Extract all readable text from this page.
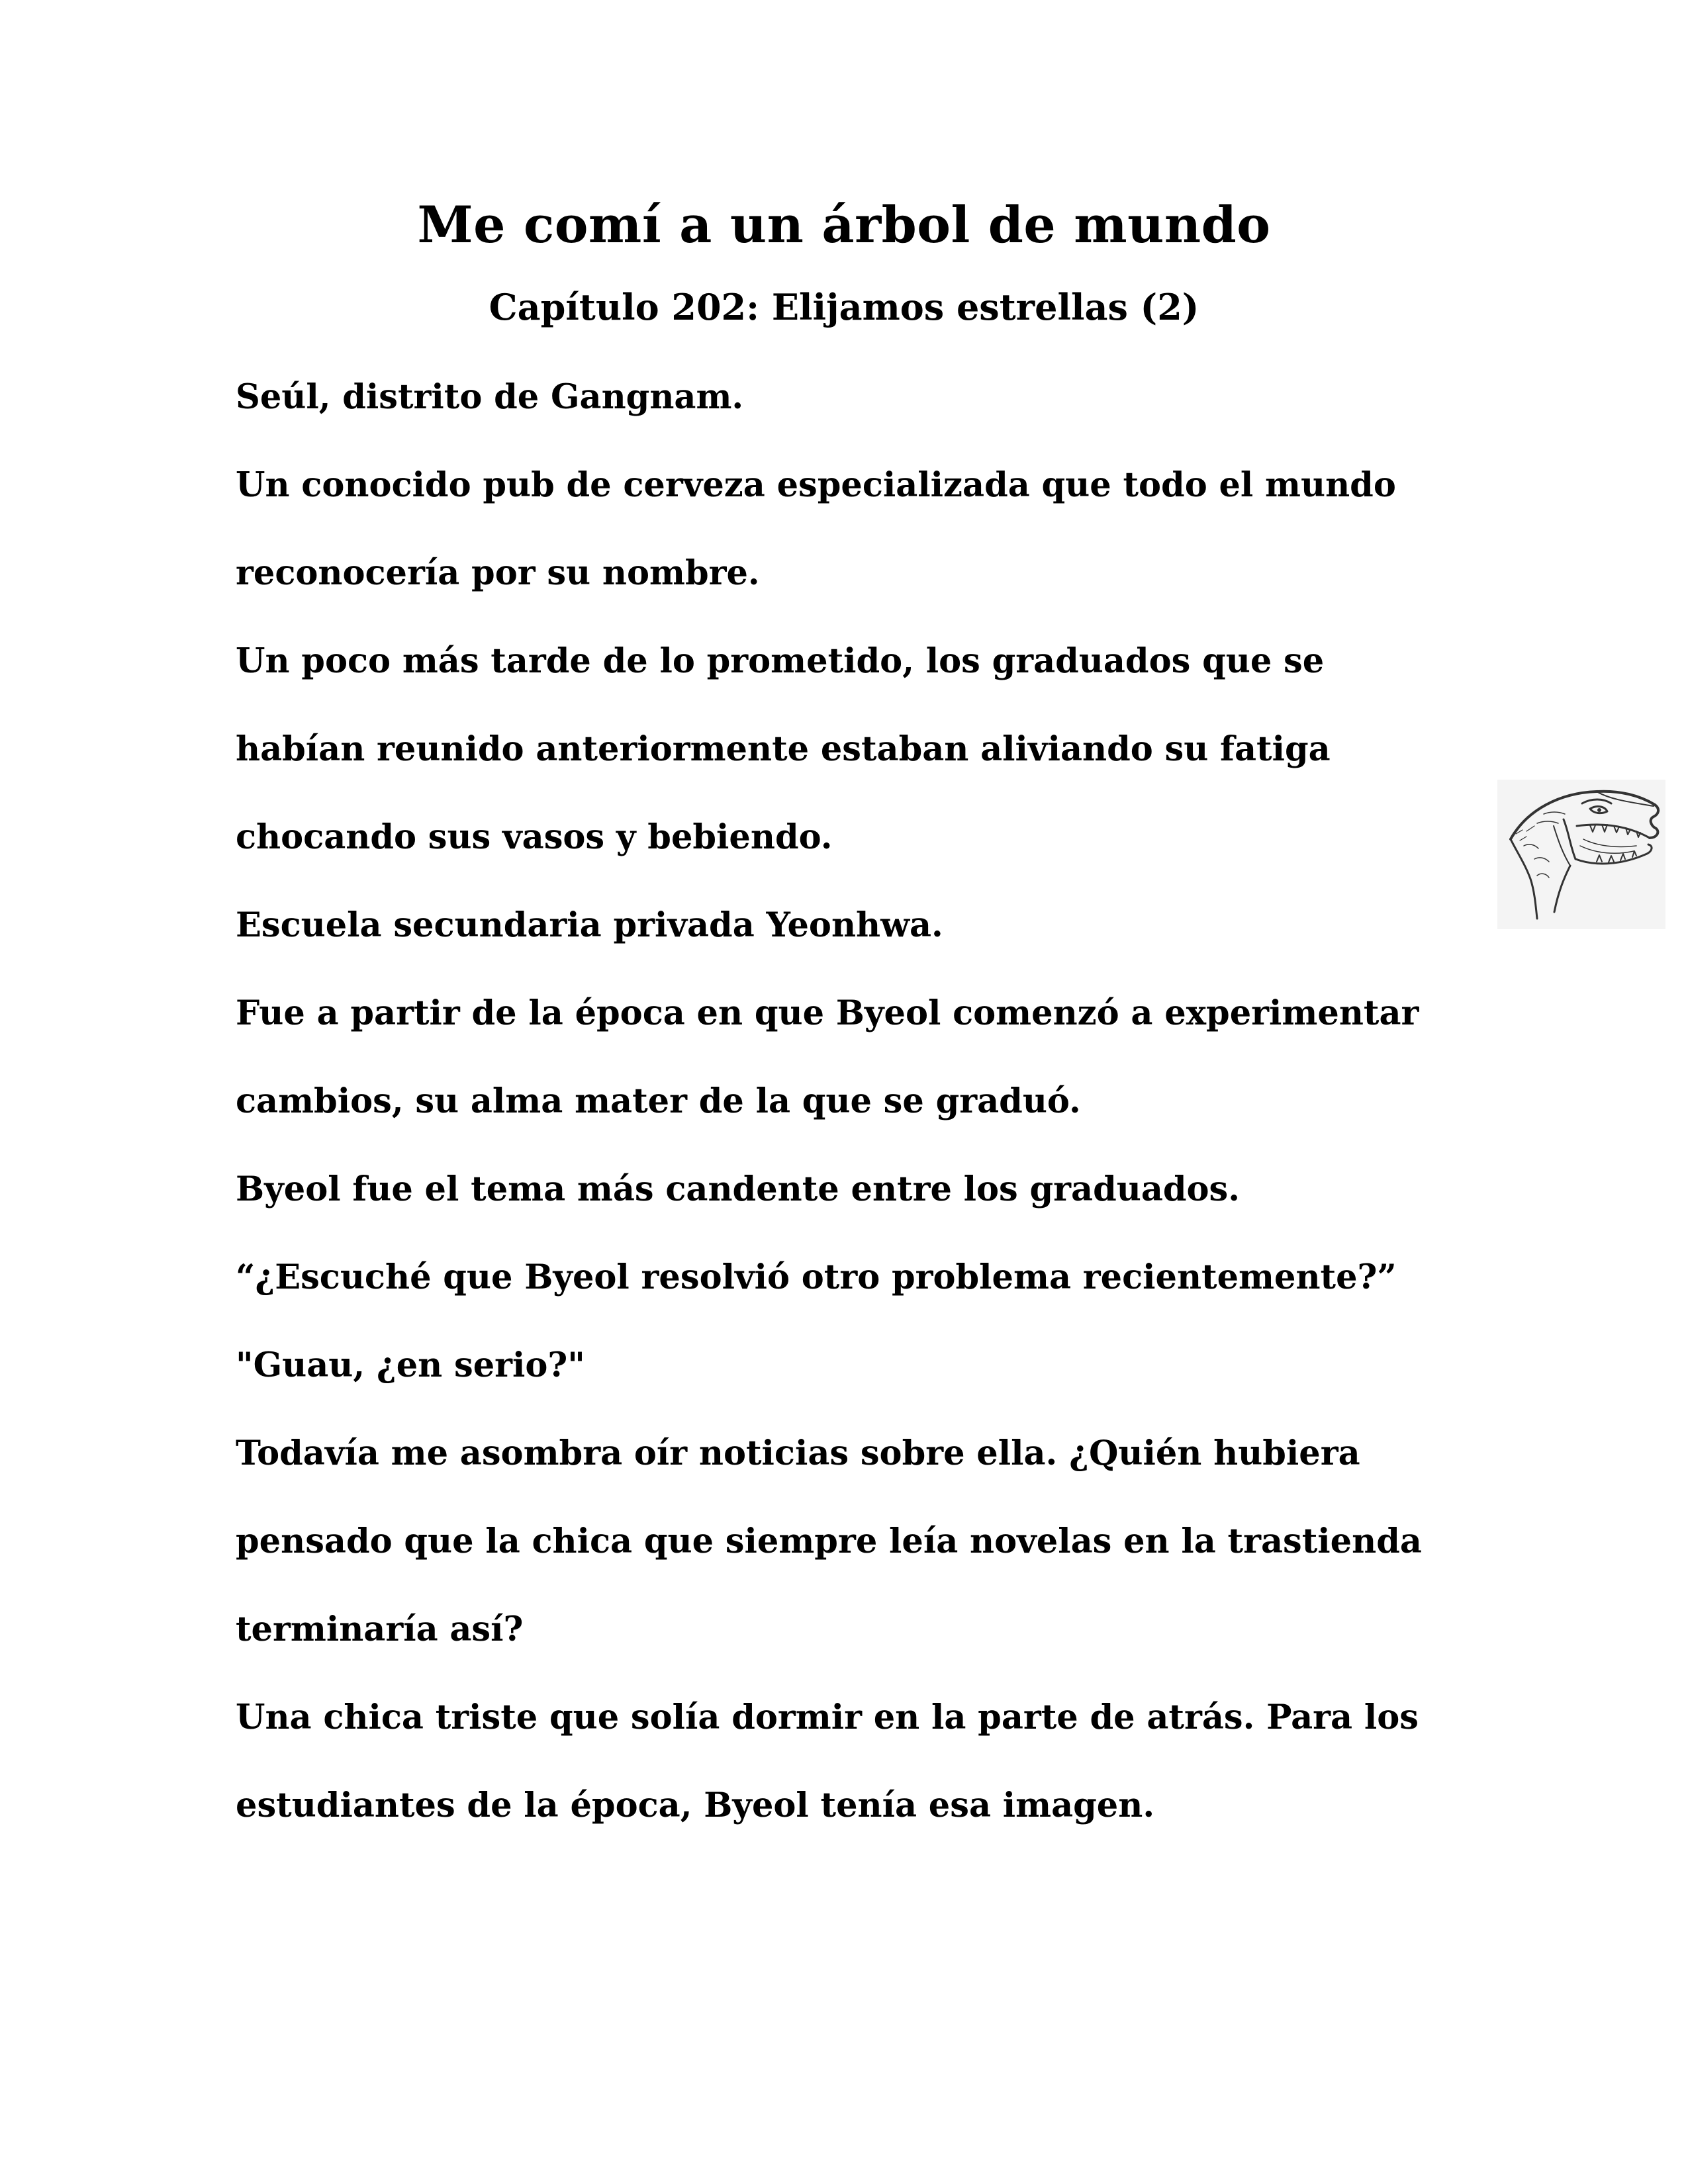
Me comí a un árbol de mundo
Capítulo 202: Elijamos estrellas (2)
Seúl, distrito de Gangnam.
Un conocido pub de cerveza especializada que todo el mundo
reconocería por su nombre.
Un poco más tarde de lo prometido, los graduados que se
habían reunido anteriormente estaban aliviando su fatiga
chocando sus vasos y bebiendo.
Escuela secundaria privada Yeonhwa.
Fue a partir de la época en que Byeol comenzó a experimentar
cambios, su alma mater de la que se graduó.
Byeol fue el tema más candente entre los graduados.
“¿Escuché que Byeol resolvió otro problema recientemente?”
"Guau, ¿en serio?"
Todavía me asombra oír noticias sobre ella. ¿Quién hubiera
pensado que la chica que siempre leía novelas en la trastienda
terminaría así?
Una chica triste que solía dormir en la parte de atrás. Para los
estudiantes de la época, Byeol tenía esa imagen.
